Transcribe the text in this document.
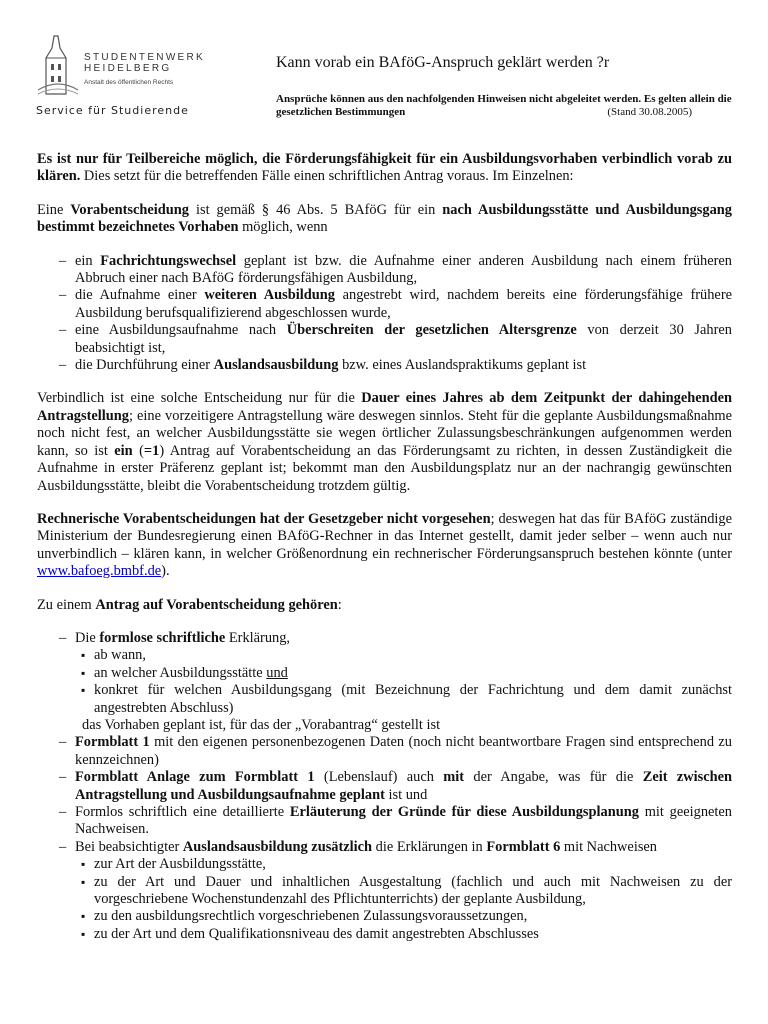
STUDENTENWERK
HEIDELBERG
Anstalt des öffentlichen Rechts
Service für Studierende
Kann vorab ein BAföG-Anspruch geklärt werden ?r
Ansprüche können aus den nachfolgenden Hinweisen nicht abgeleitet werden. Es gelten allein die gesetzlichen Bestimmungen	(Stand 30.08.2005)

Es ist nur für Teilbereiche möglich, die Förderungsfähigkeit für ein Ausbildungsvorhaben verbindlich vorab zu klären. Dies setzt für die betreffenden Fälle einen schriftlichen Antrag voraus. Im Einzelnen:

Eine Vorabentscheidung ist gemäß § 46 Abs. 5 BAföG für ein nach Ausbildungsstätte und Ausbildungsgang bestimmt bezeichnetes Vorhaben möglich, wenn

– ein Fachrichtungswechsel geplant ist bzw. die Aufnahme einer anderen Ausbildung nach einem früheren Abbruch einer nach BAföG förderungsfähigen Ausbildung,
– die Aufnahme einer weiteren Ausbildung angestrebt wird, nachdem bereits eine förderungsfähige frühere Ausbildung berufsqualifizierend abgeschlossen wurde,
– eine Ausbildungsaufnahme nach Überschreiten der gesetzlichen Altersgrenze von derzeit 30 Jahren beabsichtigt ist,
– die Durchführung einer Auslandsausbildung bzw. eines Auslandspraktikums geplant ist

Verbindlich ist eine solche Entscheidung nur für die Dauer eines Jahres ab dem Zeitpunkt der dahingehenden Antragstellung; eine vorzeitigere Antragstellung wäre deswegen sinnlos. Steht für die geplante Ausbildungsmaßnahme noch nicht fest, an welcher Ausbildungsstätte sie wegen örtlicher Zulassungsbeschränkungen aufgenommen werden kann, so ist ein (=1) Antrag auf Vorabentscheidung an das Förderungsamt zu richten, in dessen Zuständigkeit die Aufnahme in erster Präferenz geplant ist; bekommt man den Ausbildungsplatz nur an der nachrangig gewünschten Ausbildungsstätte, bleibt die Vorabentscheidung trotzdem gültig.

Rechnerische Vorabentscheidungen hat der Gesetzgeber nicht vorgesehen; deswegen hat das für BAföG zuständige Ministerium der Bundesregierung einen BAföG-Rechner in das Internet gestellt, damit jeder selber – wenn auch nur unverbindlich – klären kann, in welcher Größenordnung ein rechnerischer Förderungsanspruch bestehen könnte (unter www.bafoeg.bmbf.de).

Zu einem Antrag auf Vorabentscheidung gehören:

– Die formlose schriftliche Erklärung,
▪ ab wann,
▪ an welcher Ausbildungsstätte und
▪ konkret für welchen Ausbildungsgang (mit Bezeichnung der Fachrichtung und dem damit zunächst angestrebten Abschluss)
das Vorhaben geplant ist, für das der „Vorabantrag“ gestellt ist
– Formblatt 1 mit den eigenen personenbezogenen Daten (noch nicht beantwortbare Fragen sind entsprechend zu kennzeichnen)
– Formblatt Anlage zum Formblatt 1 (Lebenslauf) auch mit der Angabe, was für die Zeit zwischen Antragstellung und Ausbildungsaufnahme geplant ist und
– Formlos schriftlich eine detaillierte Erläuterung der Gründe für diese Ausbildungsplanung mit geeigneten Nachweisen.
– Bei beabsichtigter Auslandsausbildung zusätzlich die Erklärungen in Formblatt 6 mit Nachweisen
▪ zur Art der Ausbildungsstätte,
▪ zu der Art und Dauer und inhaltlichen Ausgestaltung (fachlich und auch mit Nachweisen zu der vorgeschriebene Wochenstundenzahl des Pflichtunterrichts) der geplante Ausbildung,
▪ zu den ausbildungsrechtlich vorgeschriebenen Zulassungsvoraussetzungen,
▪ zu der Art und dem Qualifikationsniveau des damit angestrebten Abschlusses
